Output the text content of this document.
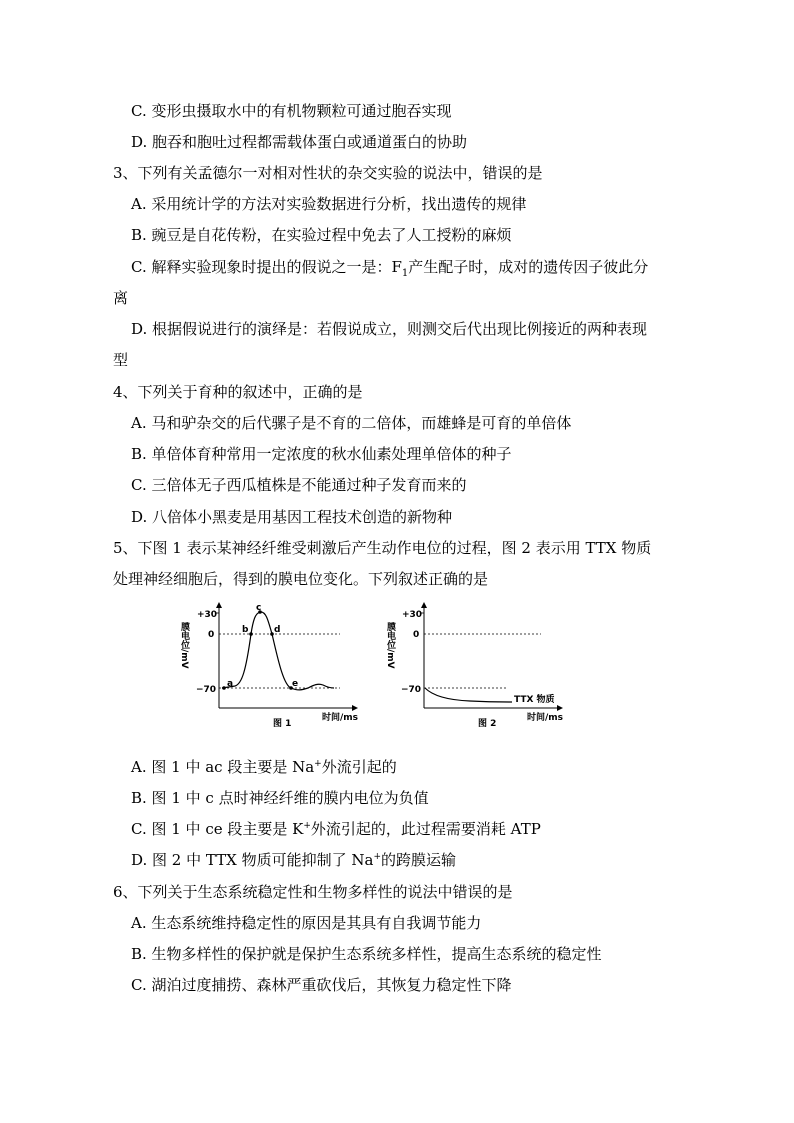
C. 变形虫摄取水中的有机物颗粒可通过胞吞实现
D. 胞吞和胞吐过程都需载体蛋白或通道蛋白的协助
3、下列有关孟德尔一对相对性状的杂交实验的说法中，错误的是
A. 采用统计学的方法对实验数据进行分析，找出遗传的规律
B. 豌豆是自花传粉，在实验过程中免去了人工授粉的麻烦
C. 解释实验现象时提出的假说之一是：$F_1$产生配子时，成对的遗传因子彼此分
离
D. 根据假说进行的演绎是：若假说成立，则测交后代出现比例接近的两种表现
型
4、下列关于育种的叙述中，正确的是
A. 马和驴杂交的后代骡子是不育的二倍体，而雄蜂是可育的单倍体
B. 单倍体育种常用一定浓度的秋水仙素处理单倍体的种子
C. 三倍体无子西瓜植株是不能通过种子发育而来的
D. 八倍体小黑麦是用基因工程技术创造的新物种
5、下图 1 表示某神经纤维受刺激后产生动作电位的过程，图 2 表示用 TTX 物质
处理神经细胞后，得到的膜电位变化。下列叙述正确的是
+30
0
−70
膜电位/mV
a
b
c
d
e
时间/ms
图 1
+30
0
−70
膜电位/mV
TTX 物质
时间/ms
图 2
A. 图 1 中 ac 段主要是 Na+外流引起的
B. 图 1 中 c 点时神经纤维的膜内电位为负值
C. 图 1 中 ce 段主要是 K+外流引起的，此过程需要消耗 ATP
D. 图 2 中 TTX 物质可能抑制了 Na+的跨膜运输
6、下列关于生态系统稳定性和生物多样性的说法中错误的是
A. 生态系统维持稳定性的原因是其具有自我调节能力
B. 生物多样性的保护就是保护生态系统多样性，提高生态系统的稳定性
C. 湖泊过度捕捞、森林严重砍伐后，其恢复力稳定性下降
